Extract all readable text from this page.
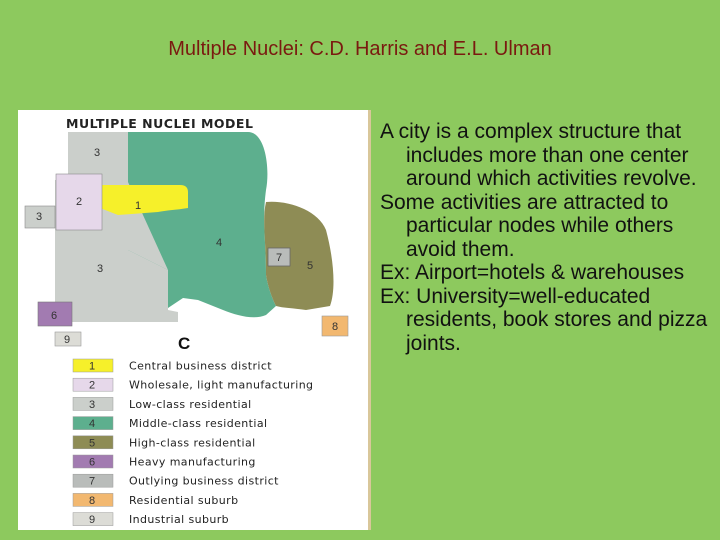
Multiple Nuclei: C.D. Harris and E.L. Ulman
MULTIPLE NUCLEI MODEL
1
2
3
3
3
4
5
6
7
8
9	C
1	Central business district
2	Wholesale, light manufacturing
3	Low-class residential
4	Middle-class residential
5	High-class residential
6	Heavy manufacturing
7	Outlying business district
8	Residential suburb
9	Industrial suburb

A city is a complex structure that includes more than one center around which activities revolve.

Some activities are attracted to particular nodes while others avoid them.

Ex: Airport=hotels & warehouses

Ex: University=well-educated residents, book stores and pizza joints.
